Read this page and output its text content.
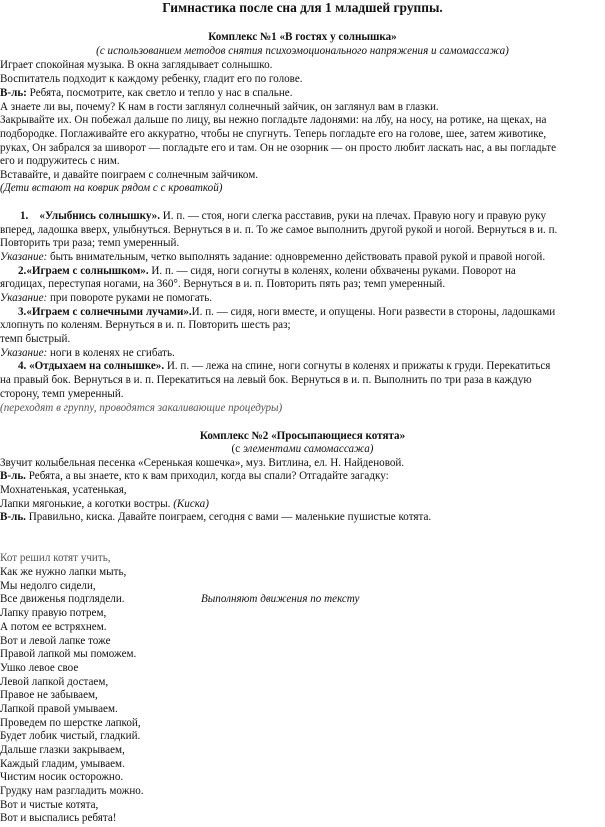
Гимнастика после сна для 1 младшей группы.
Комплекс №1 «В гостях у солнышка»
(с использованием методов снятия психоэмоционального напряжения и самомассажа)
Играет спокойная музыка. В окна заглядывает солнышко.
Воспитатель подходит к каждому ребенку, гладит его по голове.
В-ль: Ребята, посмотрите, как светло и тепло у нас в спальне.
А знаете ли вы, почему? К нам в гости заглянул солнечный зайчик, он заглянул вам в глазки.
Закрывайте их. Он побежал дальше по лицу, вы нежно погладьте ладонями: на лбу, на носу, на ротике, на щеках, на
подбородке. Поглаживайте его аккуратно, чтобы не спугнуть. Теперь погладьте его на голове, шее, затем животике,
руках, Он забрался за шиворот — погладьте его и там. Он не озорник — он просто любит ласкать нас, а вы погладьте
его и подружитесь с ним.
Вставайте, и давайте поиграем с солнечным зайчиком.
(Дети встают на коврик рядом с с кроваткой)
1. «Улыбнись солнышку». И. п. — стоя, ноги слегка расставив, руки на плечах. Правую ногу и правую руку
вперед, ладошка вверх, улыбнуться. Вернуться в и. п. То же самое выполнить другой рукой и ногой. Вернуться в и. п.
Повторить три раза; темп умеренный.
Указание: быть внимательным, четко выполнять задание: одновременно действовать правой рукой и правой ногой.
2.«Играем с солнышком». И. п. — сидя, ноги согнуты в коленях, колени обхвачены руками. Поворот на
ягодицах, переступая ногами, на 360°. Вернуться в и. п. Повторить пять раз; темп умеренный.
Указание: при повороте руками не помогать.
3.«Играем с солнечными лучами».И. п. — сидя, ноги вместе, и опущены. Ноги развести в стороны, ладошками
хлопнуть по коленям. Вернуться в и. п. Повторить шесть раз;
темп быстрый.
Указание: ноги в коленях не сгибать.
4. «Отдыхаем на солнышке». И. п. — лежа на спине, ноги согнуты в коленях и прижаты к груди. Перекатиться
на правый бок. Вернуться в и. п. Перекатиться на левый бок. Вернуться в и. п. Выполнить по три раза в каждую
сторону, темп умеренный.
(переходят в группу, проводятся закаливающие процедуры)
Комплекс №2 «Просыпающиеся котята»
(с элементами самомассажа)
Звучит колыбельная песенка «Серенькая кошечка», муз. Витлина, ел. Н. Найденовой.
В-ль. Ребята, а вы знаете, кто к вам приходил, когда вы спали? Отгадайте загадку:
Мохнатенькая, усатенькая,
Лапки мягонькие, а коготки востры. (Киска)
В-ль. Правильно, киска. Давайте поиграем, сегодня с вами — маленькие пушистые котята.
Кот решил котят учить,
Как же нужно лапки мыть,
Мы недолго сидели,
Все движенья подглядели.	Выполняют движения по тексту
Лапку правую потрем,
А потом ее встряхнем.
Вот и левой лапке тоже
Правой лапкой мы поможем.
Ушко левое свое
Левой лапкой достаем,
Правое не забываем,
Лапкой правой умываем.
Проведем по шерстке лапкой,
Будет лобик чистый, гладкий.
Дальше глазки закрываем,
Каждый гладим, умываем.
Чистим носик осторожно.
Грудку нам разгладить можно.
Вот и чистые котята,
Вот и выспались ребята!
